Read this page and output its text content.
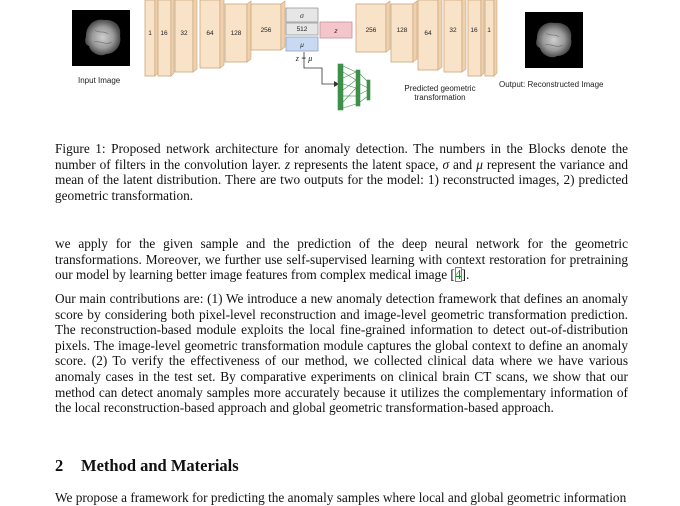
1 16 32	64	128	256
σ
512
μ
z
z = μ
256	128	64	32 16 1
Input Image	Output: Reconstructed Image
Predicted geometric
transformation

Figure 1: Proposed network architecture for anomaly detection. The numbers in the Blocks denote the number of filters in the convolution layer. z represents the latent space, σ and μ represent the variance and mean of the latent distribution. There are two outputs for the model: 1) reconstructed images, 2) predicted geometric transformation.

we apply for the given sample and the prediction of the deep neural network for the geometric transformations. Moreover, we further use self-supervised learning with context restoration for pretraining our model by learning better image features from complex medical image [4].

Our main contributions are: (1) We introduce a new anomaly detection framework that defines an anomaly score by considering both pixel-level reconstruction and image-level geometric transformation prediction. The reconstruction-based module exploits the local fine-grained information to detect out-of-distribution pixels. The image-level geometric transformation module captures the global context to define an anomaly score. (2) To verify the effectiveness of our method, we collected clinical data where we have various anomaly cases in the test set. By comparative experiments on clinical brain CT scans, we show that our method can detect anomaly samples more accurately because it utilizes the complementary information of the local reconstruction-based approach and global geometric transformation-based approach.

2 Method and Materials
We propose a framework for predicting the anomaly samples where local and global geometric information
